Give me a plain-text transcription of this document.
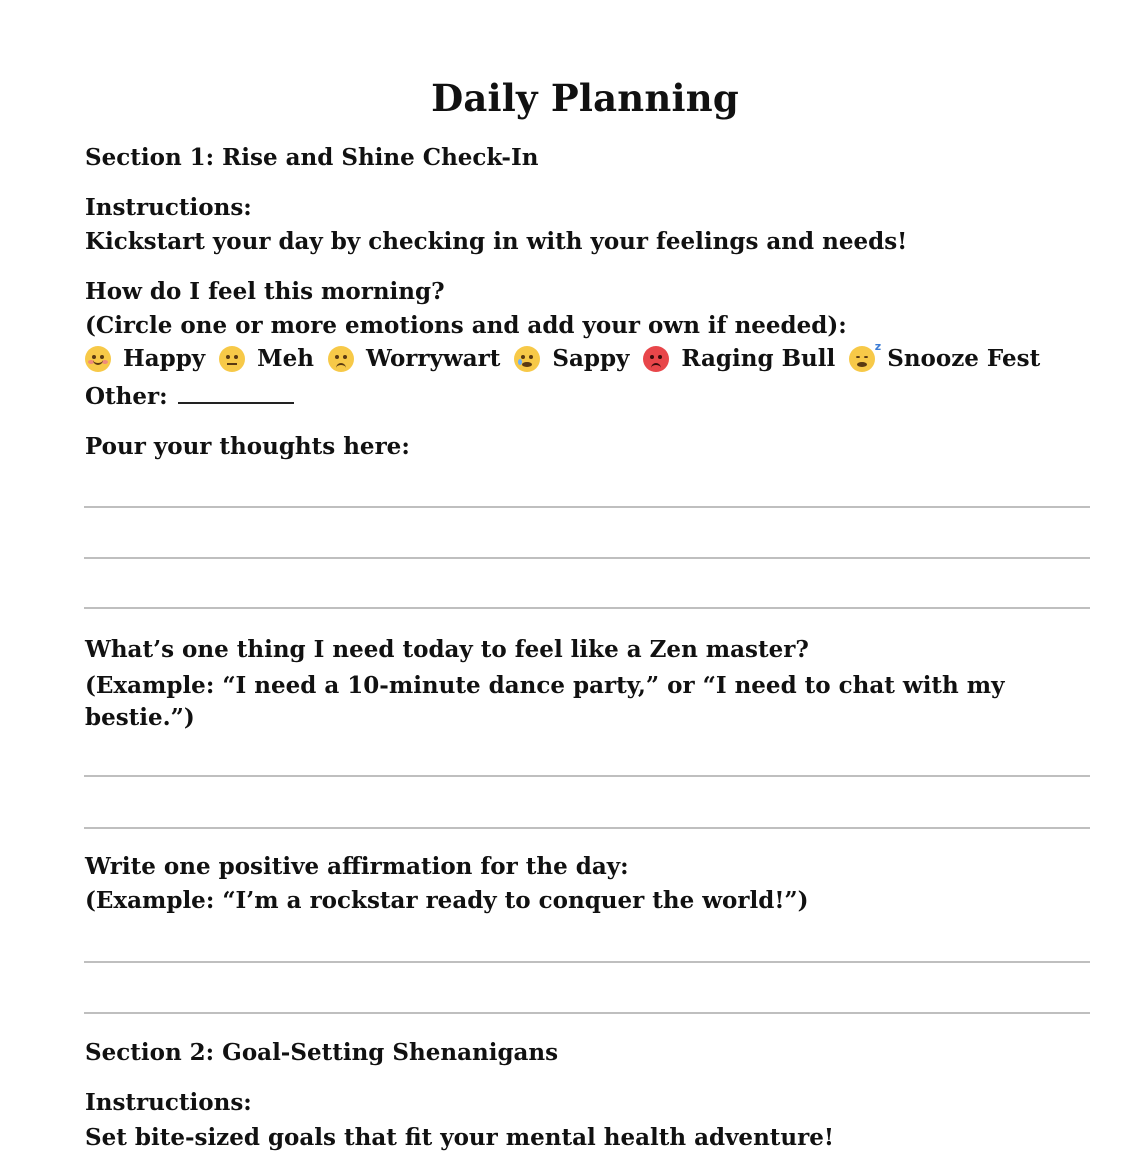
Daily Planning

Section 1: Rise and Shine Check-In

Instructions:

Kickstart your day by checking in with your feelings and needs!

How do I feel this morning?

(Circle one or more emotions and add your own if needed):

Happy Meh Worrywart Sappy Raging Bull	z Snooze Fest

Other:

Pour your thoughts here:

What’s one thing I need today to feel like a Zen master?

(Example: “I need a 10-minute dance party,” or “I need to chat with my bestie.”)

Write one positive affirmation for the day:

(Example: “I’m a rockstar ready to conquer the world!”)

Section 2: Goal-Setting Shenanigans

Instructions:

Set bite-sized goals that fit your mental health adventure!
